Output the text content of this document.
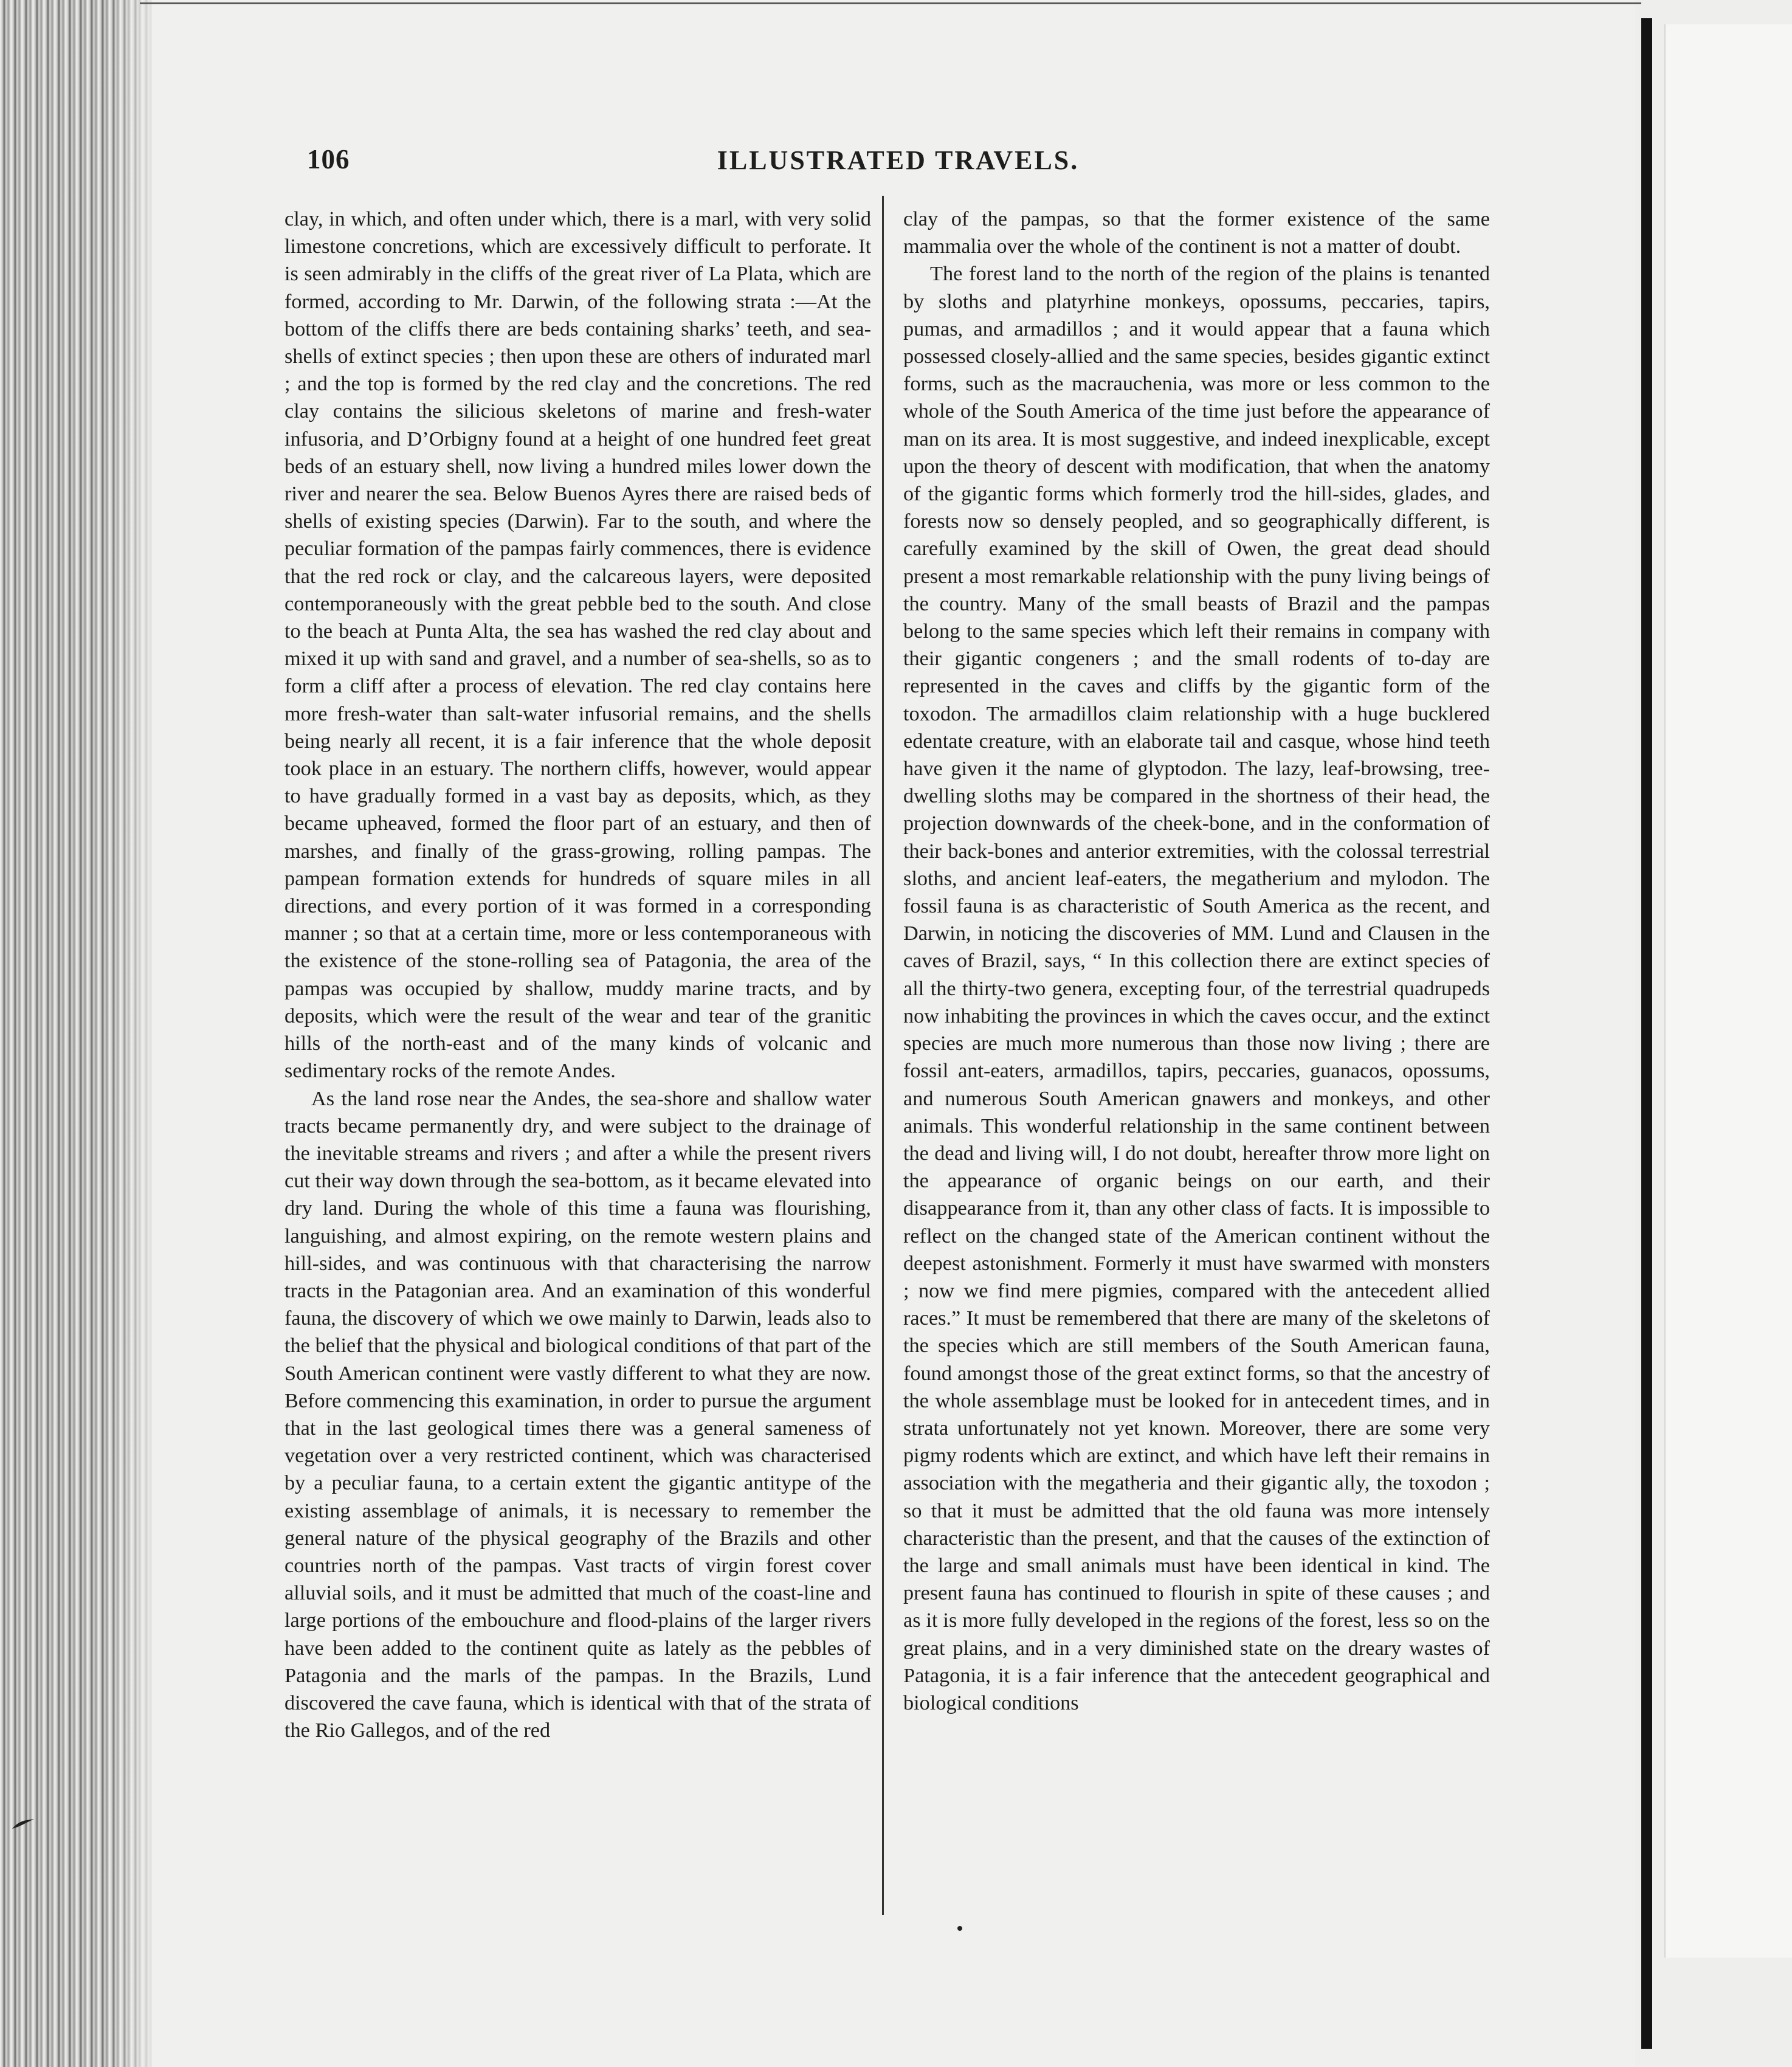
106	ILLUSTRATED TRAVELS.

clay, in which, and often under which, there is a marl, with very solid limestone concretions, which are excessively difficult to perforate. It is seen admirably in the cliffs of the great river of La Plata, which are formed, according to Mr. Darwin, of the following strata :—At the bottom of the cliffs there are beds containing sharks’ teeth, and sea-shells of extinct species ; then upon these are others of indurated marl ; and the top is formed by the red clay and the concretions. The red clay contains the silicious skeletons of marine and fresh-water infusoria, and D’Orbigny found at a height of one hundred feet great beds of an estuary shell, now living a hundred miles lower down the river and nearer the sea. Below Buenos Ayres there are raised beds of shells of existing species (Darwin). Far to the south, and where the peculiar formation of the pampas fairly commences, there is evidence that the red rock or clay, and the calcareous layers, were deposited contemporaneously with the great pebble bed to the south. And close to the beach at Punta Alta, the sea has washed the red clay about and mixed it up with sand and gravel, and a number of sea-shells, so as to form a cliff after a process of elevation. The red clay contains here more fresh-water than salt-water infusorial remains, and the shells being nearly all recent, it is a fair inference that the whole deposit took place in an estuary. The northern cliffs, however, would appear to have gradually formed in a vast bay as deposits, which, as they became upheaved, formed the floor part of an estuary, and then of marshes, and finally of the grass-growing, rolling pampas. The pampean formation extends for hundreds of square miles in all directions, and every portion of it was formed in a corresponding manner ; so that at a certain time, more or less contemporaneous with the existence of the stone-rolling sea of Patagonia, the area of the pampas was occupied by shallow, muddy marine tracts, and by deposits, which were the result of the wear and tear of the granitic hills of the north-east and of the many kinds of volcanic and sedimentary rocks of the remote Andes.

As the land rose near the Andes, the sea-shore and shallow water tracts became permanently dry, and were subject to the drainage of the inevitable streams and rivers ; and after a while the present rivers cut their way down through the sea-bottom, as it became elevated into dry land. During the whole of this time a fauna was flourishing, languishing, and almost expiring, on the remote western plains and hill-sides, and was continuous with that characterising the narrow tracts in the Patagonian area. And an examination of this wonderful fauna, the discovery of which we owe mainly to Darwin, leads also to the belief that the physical and biological conditions of that part of the South American continent were vastly different to what they are now. Before commencing this examination, in order to pursue the argument that in the last geological times there was a general sameness of vegetation over a very restricted continent, which was characterised by a peculiar fauna, to a certain extent the gigantic antitype of the existing assemblage of animals, it is necessary to remember the general nature of the physical geography of the Brazils and other countries north of the pampas. Vast tracts of virgin forest cover alluvial soils, and it must be admitted that much of the coast-line and large portions of the embouchure and flood-plains of the larger rivers have been added to the continent quite as lately as the pebbles of Patagonia and the marls of the pampas. In the Brazils, Lund discovered the cave fauna, which is identical with that of the strata of the Rio Gallegos, and of the red

clay of the pampas, so that the former existence of the same mammalia over the whole of the continent is not a matter of doubt.

The forest land to the north of the region of the plains is tenanted by sloths and platyrhine monkeys, opossums, peccaries, tapirs, pumas, and armadillos ; and it would appear that a fauna which possessed closely-allied and the same species, besides gigantic extinct forms, such as the macrauchenia, was more or less common to the whole of the South America of the time just before the appearance of man on its area. It is most suggestive, and indeed inexplicable, except upon the theory of descent with modification, that when the anatomy of the gigantic forms which formerly trod the hill-sides, glades, and forests now so densely peopled, and so geographically different, is carefully examined by the skill of Owen, the great dead should present a most remarkable relationship with the puny living beings of the country. Many of the small beasts of Brazil and the pampas belong to the same species which left their remains in company with their gigantic congeners ; and the small rodents of to-day are represented in the caves and cliffs by the gigantic form of the toxodon. The armadillos claim relationship with a huge bucklered edentate creature, with an elaborate tail and casque, whose hind teeth have given it the name of glyptodon. The lazy, leaf-browsing, tree-dwelling sloths may be compared in the shortness of their head, the projection downwards of the cheek-bone, and in the conformation of their back-bones and anterior extremities, with the colossal terrestrial sloths, and ancient leaf-eaters, the megatherium and mylodon. The fossil fauna is as characteristic of South America as the recent, and Darwin, in noticing the discoveries of MM. Lund and Clausen in the caves of Brazil, says, “ In this collection there are extinct species of all the thirty-two genera, excepting four, of the terrestrial quadrupeds now inhabiting the provinces in which the caves occur, and the extinct species are much more numerous than those now living ; there are fossil ant-eaters, armadillos, tapirs, peccaries, guanacos, opossums, and numerous South American gnawers and monkeys, and other animals. This wonderful relationship in the same continent between the dead and living will, I do not doubt, hereafter throw more light on the appearance of organic beings on our earth, and their disappearance from it, than any other class of facts. It is impossible to reflect on the changed state of the American continent without the deepest astonishment. Formerly it must have swarmed with monsters ; now we find mere pigmies, compared with the antecedent allied races.” It must be remembered that there are many of the skeletons of the species which are still members of the South American fauna, found amongst those of the great extinct forms, so that the ancestry of the whole assemblage must be looked for in antecedent times, and in strata unfortunately not yet known. Moreover, there are some very pigmy rodents which are extinct, and which have left their remains in association with the megatheria and their gigantic ally, the toxodon ; so that it must be admitted that the old fauna was more intensely characteristic than the present, and that the causes of the extinction of the large and small animals must have been identical in kind. The present fauna has continued to flourish in spite of these causes ; and as it is more fully developed in the regions of the forest, less so on the great plains, and in a very diminished state on the dreary wastes of Patagonia, it is a fair inference that the antecedent geographical and biological conditions
